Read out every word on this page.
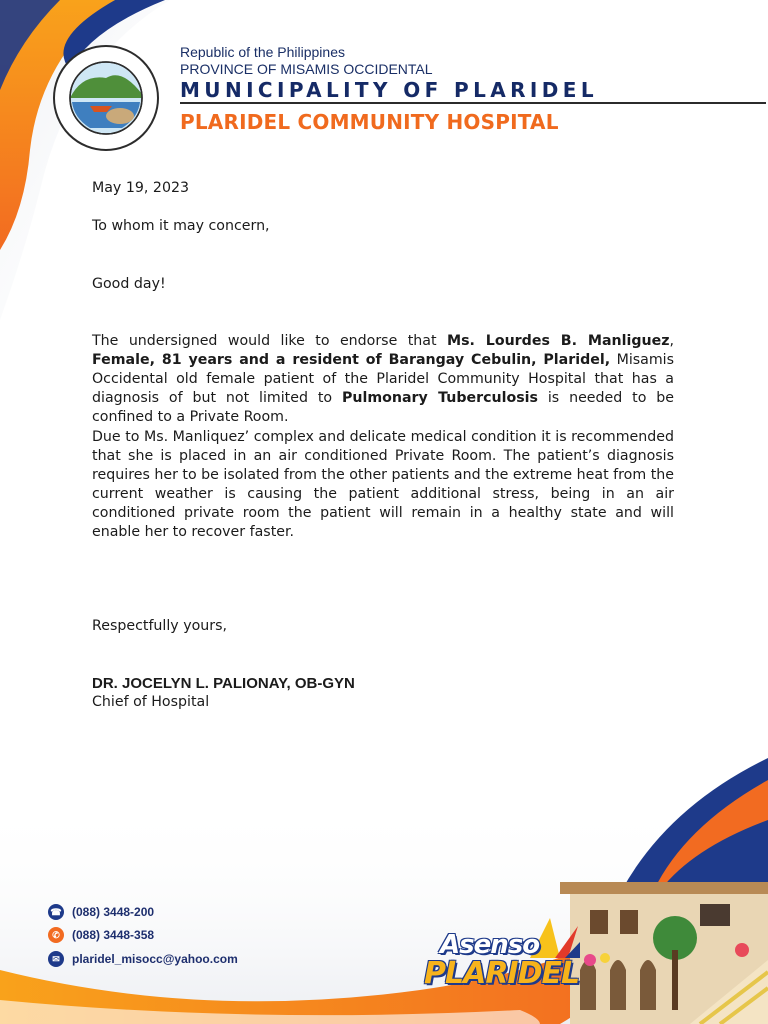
Republic of the Philippines
PROVINCE OF MISAMIS OCCIDENTAL
MUNICIPALITY OF PLARIDEL
PLARIDEL COMMUNITY HOSPITAL
May 19, 2023
To whom it may concern,
Good day!
The undersigned would like to endorse that Ms. Lourdes B. Manliguez, Female, 81 years and a resident of Barangay Cebulin, Plaridel, Misamis Occidental old female patient of the Plaridel Community Hospital that has a diagnosis of but not limited to Pulmonary Tuberculosis is needed to be confined to a Private Room.
Due to Ms. Manliquez’ complex and delicate medical condition it is recommended that she is placed in an air conditioned Private Room. The patient’s diagnosis requires her to be isolated from the other patients and the extreme heat from the current weather is causing the patient additional stress, being in an air conditioned private room the patient will remain in a healthy state and will enable her to recover faster.
Respectfully yours,
DR. JOCELYN L. PALIONAY, OB-GYN
Chief of Hospital
Asenso
PLARIDEL
☎ (088) 3448-200
✆	(088) 3448-358
✉	plaridel_misocc@yahoo.com
